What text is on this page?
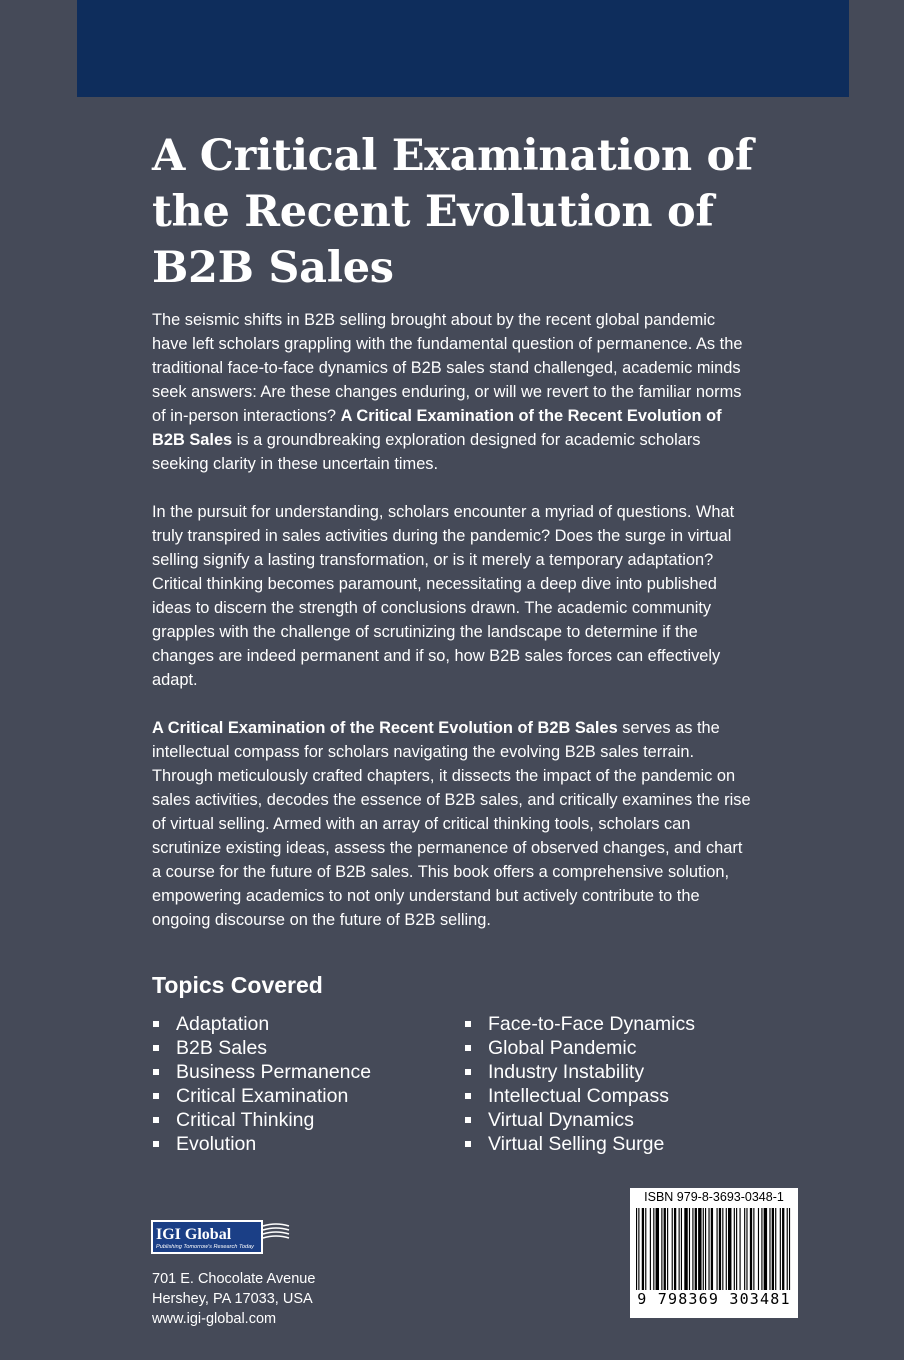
A Critical Examination of the Recent Evolution of B2B Sales

The seismic shifts in B2B selling brought about by the recent global pandemic have left scholars grappling with the fundamental question of permanence. As the traditional face-to-face dynamics of B2B sales stand challenged, academic minds seek answers: Are these changes enduring, or will we revert to the familiar norms of in-person interactions? A Critical Examination of the Recent Evolution of B2B Sales is a groundbreaking exploration designed for academic scholars seeking clarity in these uncertain times.

In the pursuit for understanding, scholars encounter a myriad of questions. What truly transpired in sales activities during the pandemic? Does the surge in virtual selling signify a lasting transformation, or is it merely a temporary adaptation? Critical thinking becomes paramount, necessitating a deep dive into published ideas to discern the strength of conclusions drawn. The academic community grapples with the challenge of scrutinizing the landscape to determine if the changes are indeed permanent and if so, how B2B sales forces can effectively adapt.

A Critical Examination of the Recent Evolution of B2B Sales serves as the intellectual compass for scholars navigating the evolving B2B sales terrain. Through meticulously crafted chapters, it dissects the impact of the pandemic on sales activities, decodes the essence of B2B sales, and critically examines the rise of virtual selling. Armed with an array of critical thinking tools, scholars can scrutinize existing ideas, assess the permanence of observed changes, and chart a course for the future of B2B sales. This book offers a comprehensive solution, empowering academics to not only understand but actively contribute to the ongoing discourse on the future of B2B selling.

Topics Covered
Adaptation
B2B Sales
Business Permanence
Critical Examination
Critical Thinking
Evolution
Face-to-Face Dynamics
Global Pandemic
Industry Instability
Intellectual Compass
Virtual Dynamics
Virtual Selling Surge
IGI Global
Publishing Tomorrow's Research Today
701 E. Chocolate Avenue
Hershey, PA 17033, USA
www.igi-global.com
ISBN 979-8-3693-0348-1
9 798369 303481
